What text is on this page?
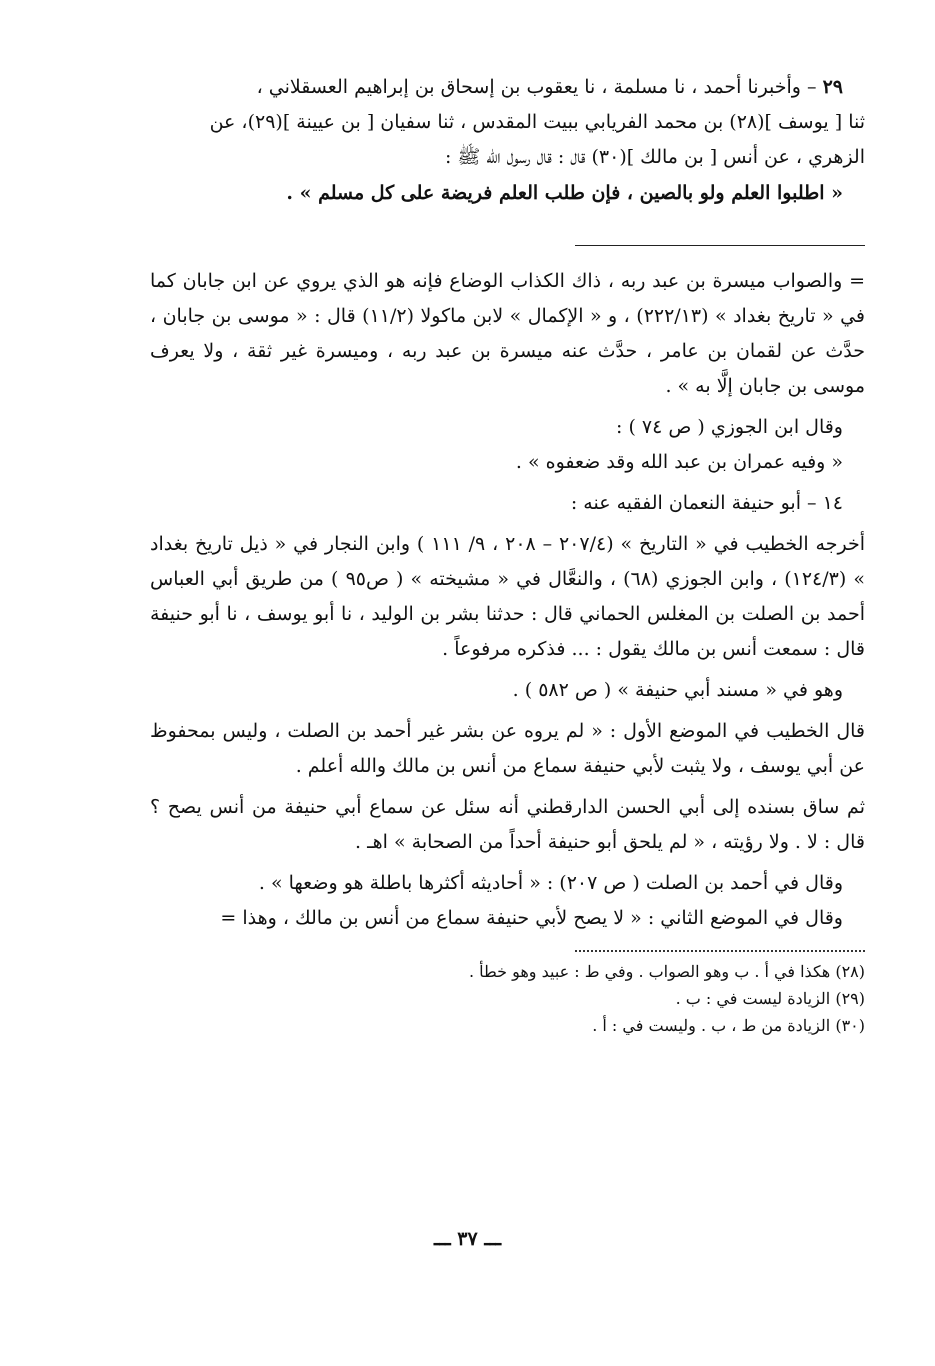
٢٩ – وأخبرنا أحمد ، نا مسلمة ، نا يعقوب بن إسحاق بن إبراهيم العسقلاني ،

ثنا [ يوسف ](٢٨) بن محمد الفريابي ببيت المقدس ، ثنا سفيان [ بن عيينة ](٢٩)، عن

الزهري ، عن أنس [ بن مالك ](٣٠) قال : قال رسول الله ﷺ :

« اطلبوا العلم ولو بالصين ، فإن طلب العلم فريضة على كل مسلم » .

= والصواب ميسرة بن عبد ربه ، ذاك الكذاب الوضاع فإنه هو الذي يروي عن ابن جابان كما في « تاريخ بغداد » (٢٢٢/١٣) ، و « الإكمال » لابن ماكولا (١١/٢) قال : « موسى بن جابان ، حدَّث عن لقمان بن عامر ، حدَّث عنه ميسرة بن عبد ربه ، وميسرة غير ثقة ، ولا يعرف موسى بن جابان إلَّا به » .

وقال ابن الجوزي ( ص ٧٤ ) :

« وفيه عمران بن عبد الله وقد ضعفوه » .

١٤ – أبو حنيفة النعمان الفقيه عنه :

أخرجه الخطيب في « التاريخ » (٢٠٧/٤ – ٢٠٨ ، ٩/ ١١١ ) وابن النجار في « ذيل تاريخ بغداد » (١٢٤/٣) ، وابن الجوزي (٦٨) ، والنعَّال في « مشيخته » ( ص٩٥ ) من طريق أبي العباس أحمد بن الصلت بن المغلس الحماني قال : حدثنا بشر بن الوليد ، نا أبو يوسف ، نا أبو حنيفة قال : سمعت أنس بن مالك يقول : ... فذكره مرفوعاً .

وهو في « مسند أبي حنيفة » ( ص ٥٨٢ ) .

قال الخطيب في الموضع الأول : « لم يروه عن بشر غير أحمد بن الصلت ، وليس بمحفوظ عن أبي يوسف ، ولا يثبت لأبي حنيفة سماع من أنس بن مالك والله أعلم .

ثم ساق بسنده إلى أبي الحسن الدارقطني أنه سئل عن سماع أبي حنيفة من أنس يصح ؟ قال : لا . ولا رؤيته ، « لم يلحق أبو حنيفة أحداً من الصحابة » اهـ .

وقال في أحمد بن الصلت ( ص ٢٠٧) : « أحاديثه أكثرها باطلة هو وضعها » .

وقال في الموضع الثاني : « لا يصح لأبي حنيفة سماع من أنس بن مالك ، وهذا =

(٢٨) هكذا في أ . ب وهو الصواب . وفي ط : عبيد وهو خطأ .

(٢٩) الزيادة ليست في : ب .

(٣٠) الزيادة من ط ، ب . وليست في : أ .

ـــ ٣٧ ـــ
